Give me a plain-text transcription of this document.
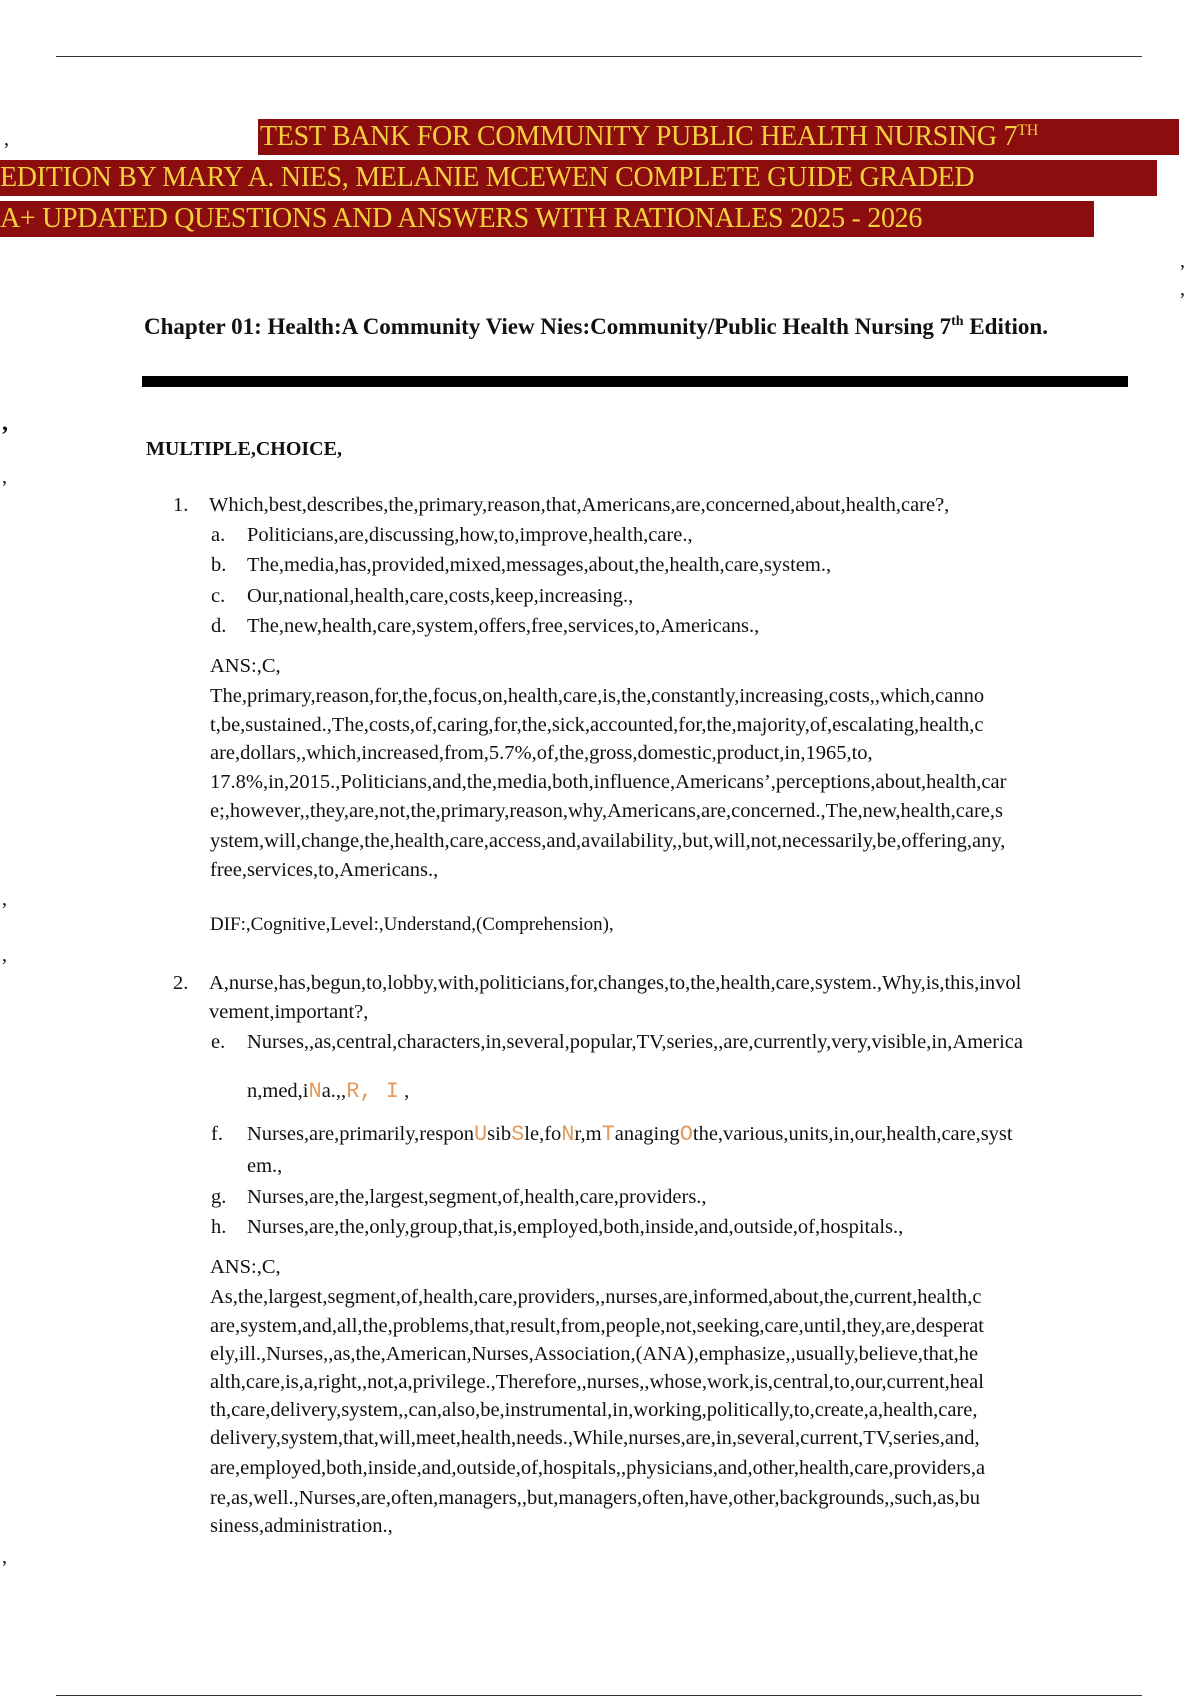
TEST BANK FOR COMMUNITY PUBLIC HEALTH NURSING 7TH
EDITION BY MARY A. NIES, MELANIE MCEWEN COMPLETE GUIDE GRADED
A+ UPDATED QUESTIONS AND ANSWERS WITH RATIONALES 2025 - 2026
Chapter 01: Health:A Community View Nies:Community/Public Health Nursing 7th Edition.
MULTIPLE,CHOICE,
,
,
,
,
,
,
,
,
1. Which,best,describes,the,primary,reason,that,Americans,are,concerned,about,health,care?,
a. Politicians,are,discussing,how,to,improve,health,care.,
b. The,media,has,provided,mixed,messages,about,the,health,care,system.,
c. Our,national,health,care,costs,keep,increasing.,
d. The,new,health,care,system,offers,free,services,to,Americans.,
ANS:,C,
The,primary,reason,for,the,focus,on,health,care,is,the,constantly,increasing,costs,,which,canno
t,be,sustained.,The,costs,of,caring,for,the,sick,accounted,for,the,majority,of,escalating,health,c
are,dollars,,which,increased,from,5.7%,of,the,gross,domestic,product,in,1965,to,
17.8%,in,2015.,Politicians,and,the,media,both,influence,Americans’,perceptions,about,health,car
e;,however,,they,are,not,the,primary,reason,why,Americans,are,concerned.,The,new,health,care,s
ystem,will,change,the,health,care,access,and,availability,,but,will,not,necessarily,be,offering,any,
free,services,to,Americans.,
DIF:,Cognitive,Level:,Understand,(Comprehension),
2. A,nurse,has,begun,to,lobby,with,politicians,for,changes,to,the,health,care,system.,Why,is,this,invol
vement,important?,
e. Nurses,,as,central,characters,in,several,popular,TV,series,,are,currently,very,visible,in,America
n,med,iNa.,,R, I ,
f. Nurses,are,primarily,responUsibSle,foNr,mTanagingOthe,various,units,in,our,health,care,syst
em.,
g. Nurses,are,the,largest,segment,of,health,care,providers.,
h. Nurses,are,the,only,group,that,is,employed,both,inside,and,outside,of,hospitals.,
ANS:,C,
As,the,largest,segment,of,health,care,providers,,nurses,are,informed,about,the,current,health,c
are,system,and,all,the,problems,that,result,from,people,not,seeking,care,until,they,are,desperat
ely,ill.,Nurses,,as,the,American,Nurses,Association,(ANA),emphasize,,usually,believe,that,he
alth,care,is,a,right,,not,a,privilege.,Therefore,,nurses,,whose,work,is,central,to,our,current,heal
th,care,delivery,system,,can,also,be,instrumental,in,working,politically,to,create,a,health,care,
delivery,system,that,will,meet,health,needs.,While,nurses,are,in,several,current,TV,series,and,
are,employed,both,inside,and,outside,of,hospitals,,physicians,and,other,health,care,providers,a
re,as,well.,Nurses,are,often,managers,,but,managers,often,have,other,backgrounds,,such,as,bu
siness,administration.,
